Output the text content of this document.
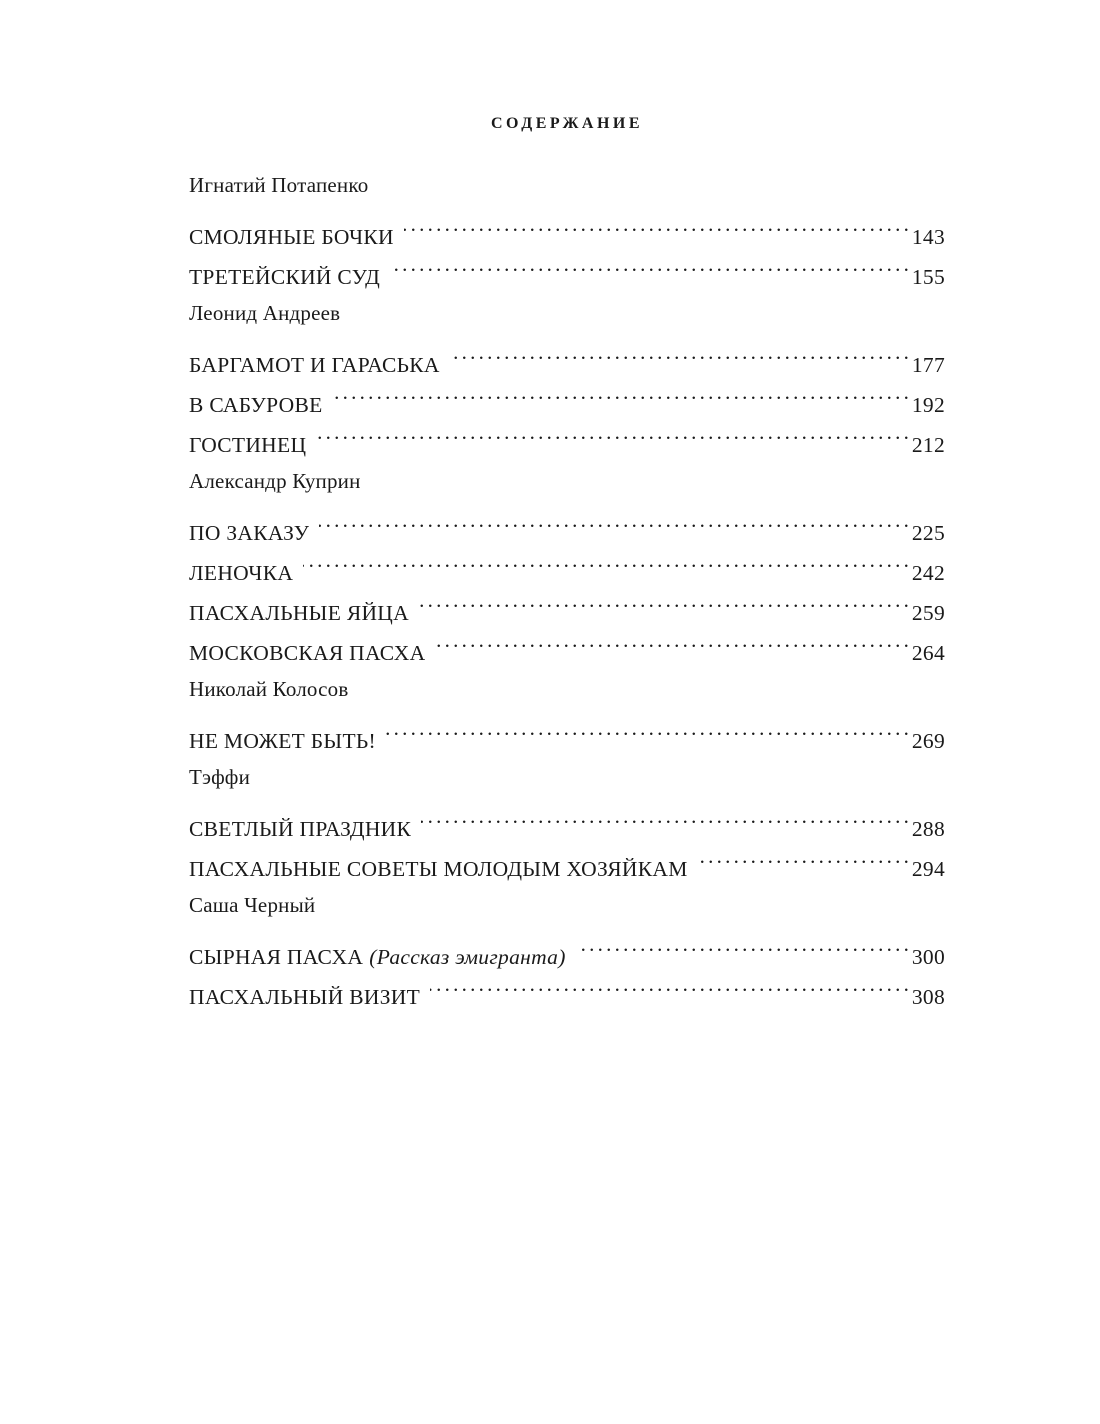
СОДЕРЖАНИЕ
Игнатий Потапенко
СМОЛЯНЫЕ БОЧКИ . . .	143
ТРЕТЕЙСКИЙ СУД . . .	155
Леонид Андреев
БАРГАМОТ И ГАРАСЬКА . . .	177
В САБУРОВЕ . . .	192
ГОСТИНЕЦ . . .	212
Александр Куприн
ПО ЗАКАЗУ . . .	225
ЛЕНОЧКА . . .	242
ПАСХАЛЬНЫЕ ЯЙЦА . . .	259
МОСКОВСКАЯ ПАСХА . . .	264
Николай Колосов
НЕ МОЖЕТ БЫТЬ! . . .	269
Тэффи
СВЕТЛЫЙ ПРАЗДНИК . . .	288
ПАСХАЛЬНЫЕ СОВЕТЫ МОЛОДЫМ ХОЗЯЙКАМ . . .	294
Саша Черный
СЫРНАЯ ПАСХА (Рассказ эмигранта) . . .	300
ПАСХАЛЬНЫЙ ВИЗИТ . . .	308
